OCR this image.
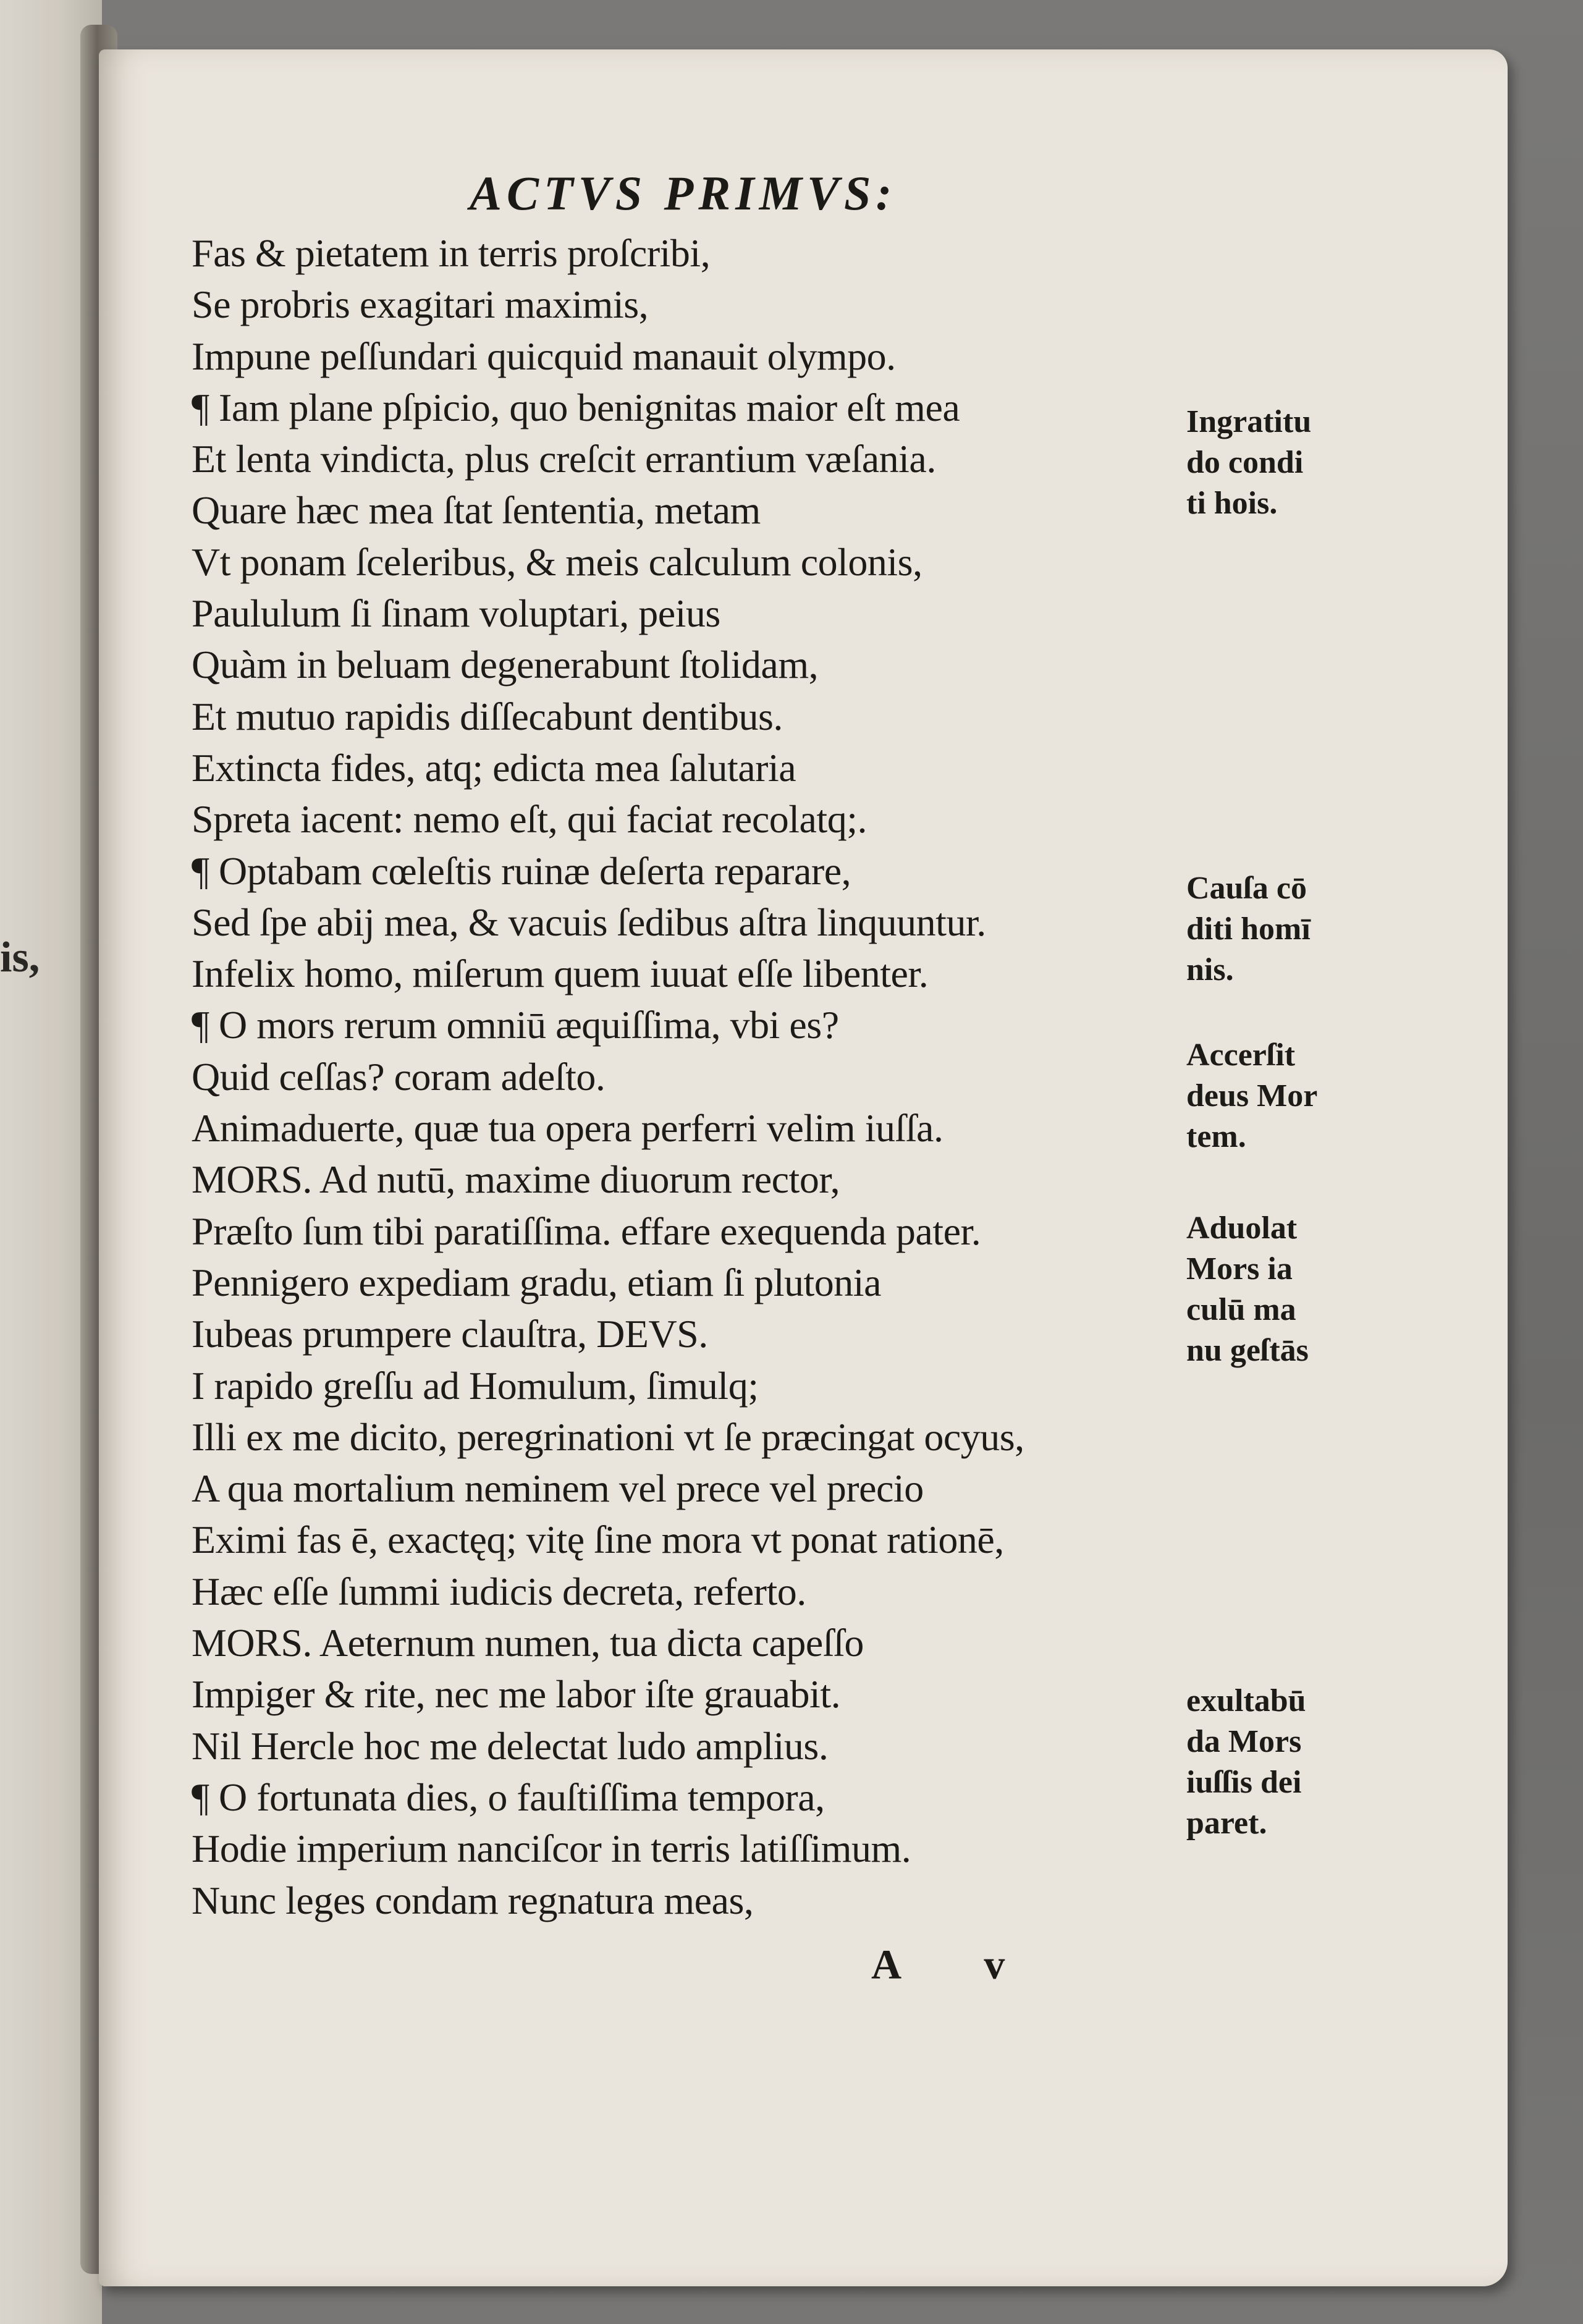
is,
ACTVS PRIMVS:
Fas & pietatem in terris proſcribi,
Se probris exagitari maximis,
Impune peſſundari quicquid manauit olympo.
¶ Iam plane pſpicio, quo benignitas maior eſt mea
Et lenta vindicta, plus creſcit errantium væſania.
Quare hæc mea ſtat ſententia, metam
Vt ponam ſceleribus, & meis calculum colonis,
Paululum ſi ſinam voluptari, peius
Quàm in beluam degenerabunt ſtolidam,
Et mutuo rapidis diſſecabunt dentibus.
Extincta fides, atq; edicta mea ſalutaria
Spreta iacent: nemo eſt, qui faciat recolatq;.
¶ Optabam cœleſtis ruinæ deſerta reparare,
Sed ſpe abij mea, & vacuis ſedibus aſtra linquuntur.
Infelix homo, miſerum quem iuuat eſſe libenter.
¶ O mors rerum omniū æquiſſima, vbi es?
Quid ceſſas? coram adeſto.
Animaduerte, quæ tua opera perferri velim iuſſa.
MORS. Ad nutū, maxime diuorum rector,
Præſto ſum tibi paratiſſima. effare exequenda pater.
Pennigero expediam gradu, etiam ſi plutonia
Iubeas prumpere clauſtra, DEVS.
I rapido greſſu ad Homulum, ſimulq;
Illi ex me dicito, peregrinationi vt ſe præcingat ocyus,
A qua mortalium neminem vel prece vel precio
Eximi fas ē, exactęq; vitę ſine mora vt ponat rationē,
Hæc eſſe ſummi iudicis decreta, referto.
MORS. Aeternum numen, tua dicta capeſſo
Impiger & rite, nec me labor iſte grauabit.
Nil Hercle hoc me delectat ludo amplius.
¶ O fortunata dies, o fauſtiſſima tempora,
Hodie imperium nanciſcor in terris latiſſimum.
Nunc leges condam regnatura meas,
Ingratitu
do condi
ti hois.
Cauſa cō
diti homī
nis.
Accerſit
deus Mor
tem.
Aduolat
Mors ia
culū ma
nu geſtās
exultabū
da Mors
iuſſis dei
paret.
A v
